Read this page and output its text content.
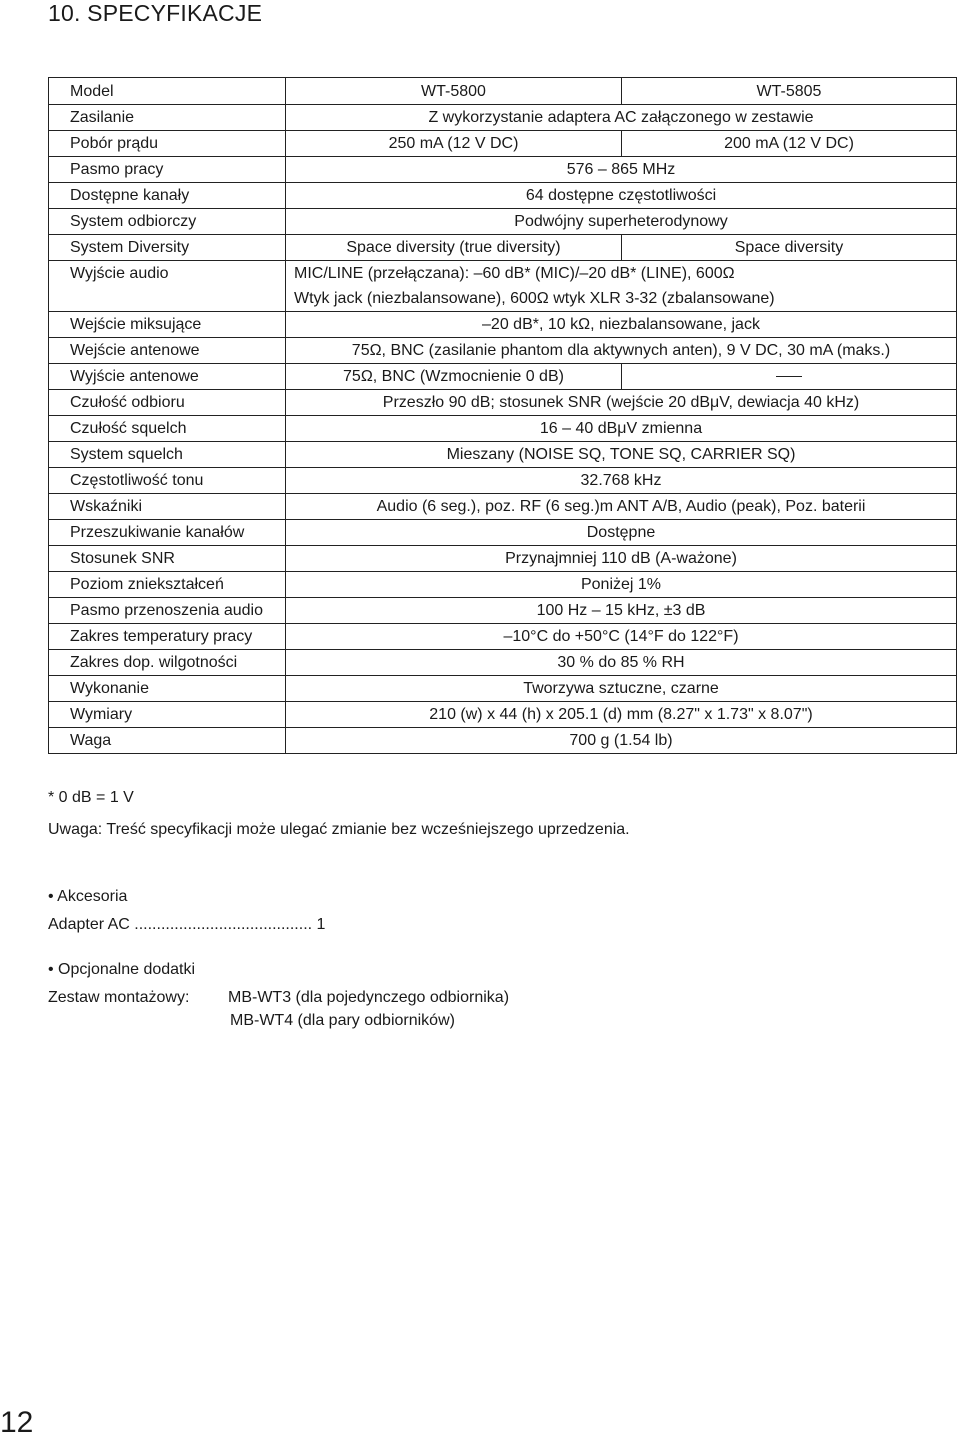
10. SPECYFIKACJE
Model	WT-5800	WT-5805
Zasilanie	Z wykorzystanie adaptera AC załączonego w zestawie	
Pobór prądu	250 mA (12 V DC)	200 mA (12 V DC)
Pasmo pracy	576 – 865 MHz	
Dostępne kanały	64 dostępne częstotliwości	
System odbiorczy	Podwójny superheterodynowy	
System Diversity	Space diversity (true diversity)	Space diversity
Wyjście audio	MIC/LINE (przełączana): –60 dB* (MIC)/–20 dB* (LINE), 600Ω	
	Wtyk jack (niezbalansowane), 600Ω wtyk XLR 3-32 (zbalansowane)	
Wejście miksujące	–20 dB*, 10 kΩ, niezbalansowane, jack	
Wejście antenowe	75Ω, BNC (zasilanie phantom dla aktywnych anten), 9 V DC, 30 mA (maks.)	
Wyjście antenowe	75Ω, BNC (Wzmocnienie 0 dB)	
Czułość odbioru	Przeszło 90 dB; stosunek SNR (wejście 20 dBμV, dewiacja 40 kHz)	
Czułość squelch	16 – 40 dBμV zmienna	
System squelch	Mieszany (NOISE SQ, TONE SQ, CARRIER SQ)	
Częstotliwość tonu	32.768 kHz	
Wskaźniki	Audio (6 seg.), poz. RF (6 seg.)m ANT A/B, Audio (peak), Poz. baterii	
Przeszukiwanie kanałów	Dostępne	
Stosunek SNR	Przynajmniej 110 dB (A-ważone)	
Poziom zniekształceń	Poniżej 1%	
Pasmo przenoszenia audio	100 Hz – 15 kHz, ±3 dB	
Zakres temperatury pracy	–10°C do +50°C (14°F do 122°F)	
Zakres dop. wilgotności	30 % do 85 % RH	
Wykonanie	Tworzywa sztuczne, czarne	
Wymiary	210 (w) x 44 (h) x 205.1 (d) mm (8.27" x 1.73" x 8.07")	
Waga	700 g (1.54 lb)	
* 0 dB = 1 V
Uwaga: Treść specyfikacji może ulegać zmianie bez wcześniejszego uprzedzenia.
• Akcesoria
Adapter AC ........................................ 1
• Opcjonalne dodatki
Zestaw montażowy: MB-WT3 (dla pojedynczego odbiornika)
MB-WT4 (dla pary odbiorników)
12
